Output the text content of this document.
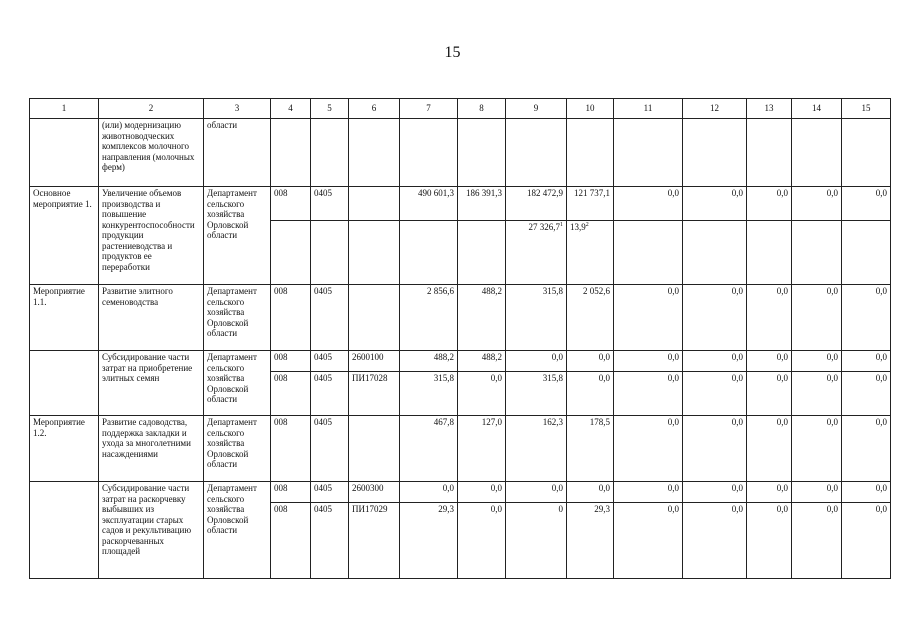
15
1	2	3	4	5	6	7	8	9	10	11	12	13	14	15
	(или) модернизацию животноводческих комплексов молочного направления (молочных ферм)	области												
Основное мероприятие 1.	Увеличение объемов производства и повышение конкурентоспособности продукции растениеводства и продуктов ее переработки	Департамент сельского хозяйства Орловской области	008	0405		490 601,3	186 391,3	182 472,9	121 737,1	0,0	0,0	0,0	0,0	0,0
								27 326,7$^1$	13,9$^2$					
Мероприятие 1.1.	Развитие элитного семеноводства	Департамент сельского хозяйства Орловской области	008	0405		2 856,6	488,2	315,8	2 052,6	0,0	0,0	0,0	0,0	0,0
	Субсидирование части затрат на приобретение элитных семян	Департамент сельского хозяйства Орловской области	008	0405	2600100	488,2	488,2	0,0	0,0	0,0	0,0	0,0	0,0	0,0
			008	0405	ПИ17028	315,8	0,0	315,8	0,0	0,0	0,0	0,0	0,0	0,0
Мероприятие 1.2.	Развитие садоводства, поддержка закладки и ухода за многолетними насаждениями	Департамент сельского хозяйства Орловской области	008	0405		467,8	127,0	162,3	178,5	0,0	0,0	0,0	0,0	0,0
	Субсидирование части затрат на раскорчевку выбывших из эксплуатации старых садов и рекультивацию раскорчеванных площадей	Департамент сельского хозяйства Орловской области	008	0405	2600300	0,0	0,0	0,0	0,0	0,0	0,0	0,0	0,0	0,0
			008	0405	ПИ17029	29,3	0,0	0	29,3	0,0	0,0	0,0	0,0	0,0
